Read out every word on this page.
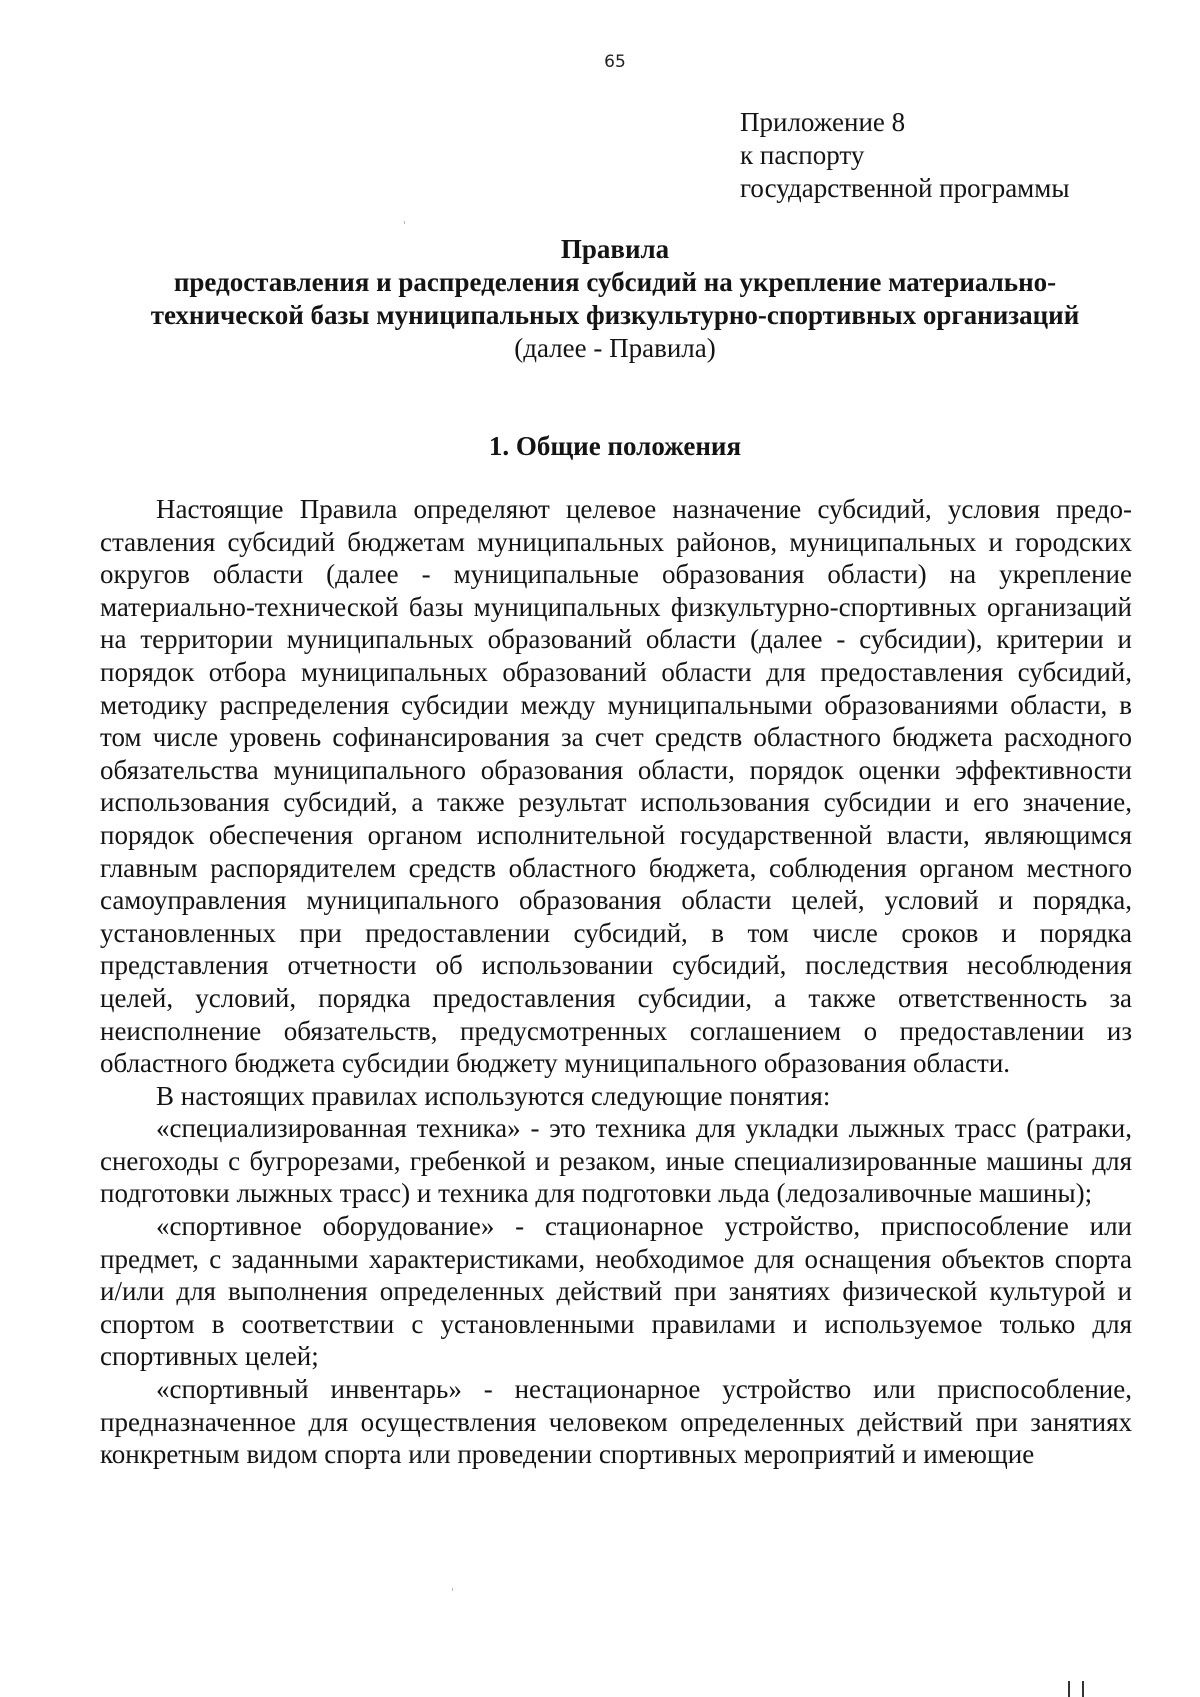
65
Приложение 8
к паспорту
государственной программы
Правила
предоставления и распределения субсидий на укрепление материально-
технической базы муниципальных физкультурно-спортивных организаций
(далее - Правила)
1. Общие положения

Настоящие Правила определяют целевое назначение субсидий, условия предоставления субсидий бюджетам муниципальных районов, муниципальных и городских округов области (далее - муниципальные образования области) на укрепление материально-технической базы муниципальных физкультурно-спортивных организаций на территории муниципальных образований области (далее - субсидии), критерии и порядок отбора муниципальных образований области для предоставления субсидий, методику распределения субсидии между муниципальными образованиями области, в том числе уровень софинансирования за счет средств областного бюджета расходного обязательства муниципального образования области, порядок оценки эффективности использования субсидий, а также результат использования субсидии и его значение, порядок обеспечения органом исполнительной государственной власти, являющимся главным распорядителем средств областного бюджета, соблюдения органом местного самоуправления муниципального образования области целей, условий и порядка, установленных при предоставлении субсидий, в том числе сроков и порядка представления отчетности об использовании субсидий, последствия несоблюдения целей, условий, порядка предоставления субсидии, а также ответственность за неисполнение обязательств, предусмотренных соглашением о предоставлении из областного бюджета субсидии бюджету муниципального образования области.

В настоящих правилах используются следующие понятия:

«специализированная техника» - это техника для укладки лыжных трасс (ратраки, снегоходы с бугрорезами, гребенкой и резаком, иные специализированные машины для подготовки лыжных трасс) и техника для подготовки льда (ледозаливочные машины);

«спортивное оборудование» - стационарное устройство, приспособление или предмет, с заданными характеристиками, необходимое для оснащения объектов спорта и/или для выполнения определенных действий при занятиях физической культурой и спортом в соответствии с установленными правилами и используемое только для спортивных целей;

«спортивный инвентарь» - нестационарное устройство или приспособление, предназначенное для осуществления человеком определенных действий при занятиях конкретным видом спорта или проведении спортивных мероприятий и имеющие
